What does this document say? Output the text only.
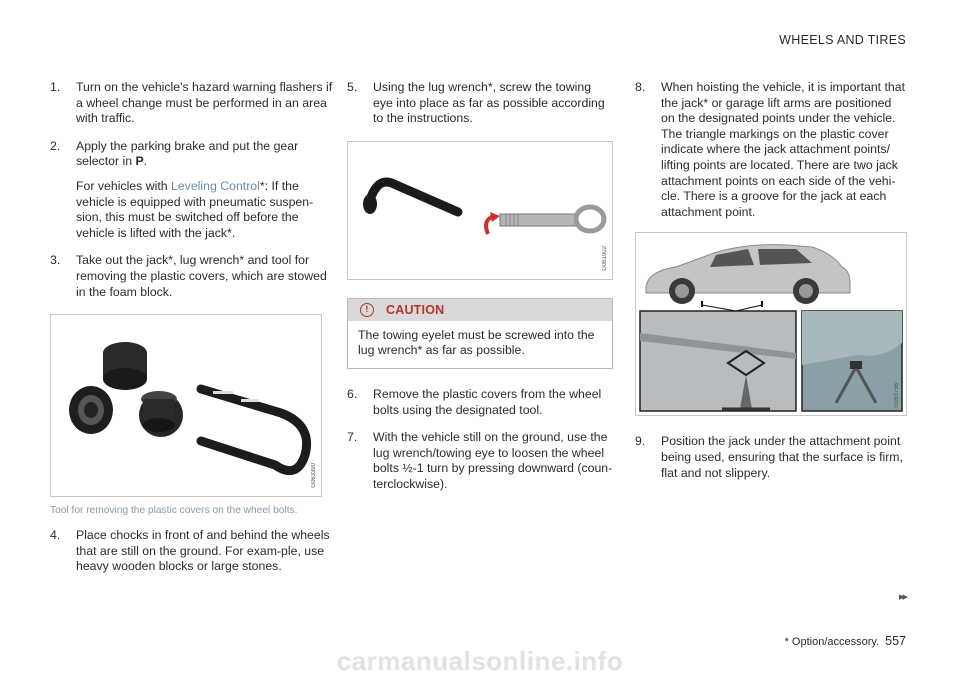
WHEELS AND TIRES
1. Turn on the vehicle's hazard warning flashers if a wheel change must be performed in an area with traffic.

2. Apply the parking brake and put the gear selector in P.

For vehicles with Leveling Control*: If the vehicle is equipped with pneumatic suspen-sion, this must be switched off before the vehicle is lifted with the jack*.

3. Take out the jack*, lug wrench* and tool for removing the plastic covers, which are stowed in the foam block.

G063390
Tool for removing the plastic covers on the wheel bolts.
4. Place chocks in front of and behind the wheels that are still on the ground. For exam-ple, use heavy wooden blocks or large stones.

5. Using the lug wrench*, screw the towing eye into place as far as possible according to the instructions.

G061902
!	CAUTION
The towing eyelet must be screwed into the lug wrench* as far as possible.
6. Remove the plastic covers from the wheel bolts using the designated tool.

7. With the vehicle still on the ground, use the lug wrench/towing eye to loosen the wheel bolts ½-1 turn by pressing downward (coun-terclockwise).

8. When hoisting the vehicle, it is important that the jack* or garage lift arms are positioned on the designated points under the vehicle. The triangle markings on the plastic cover indicate where the jack attachment points/ lifting points are located. There are two jack attachment points on each side of the vehi-cle. There is a groove for the jack at each attachment point.

G063756
9. Position the jack under the attachment point being used, ensuring that the surface is firm, flat and not slippery.

▸▸
* Option/accessory. 557
carmanualsonline.info
